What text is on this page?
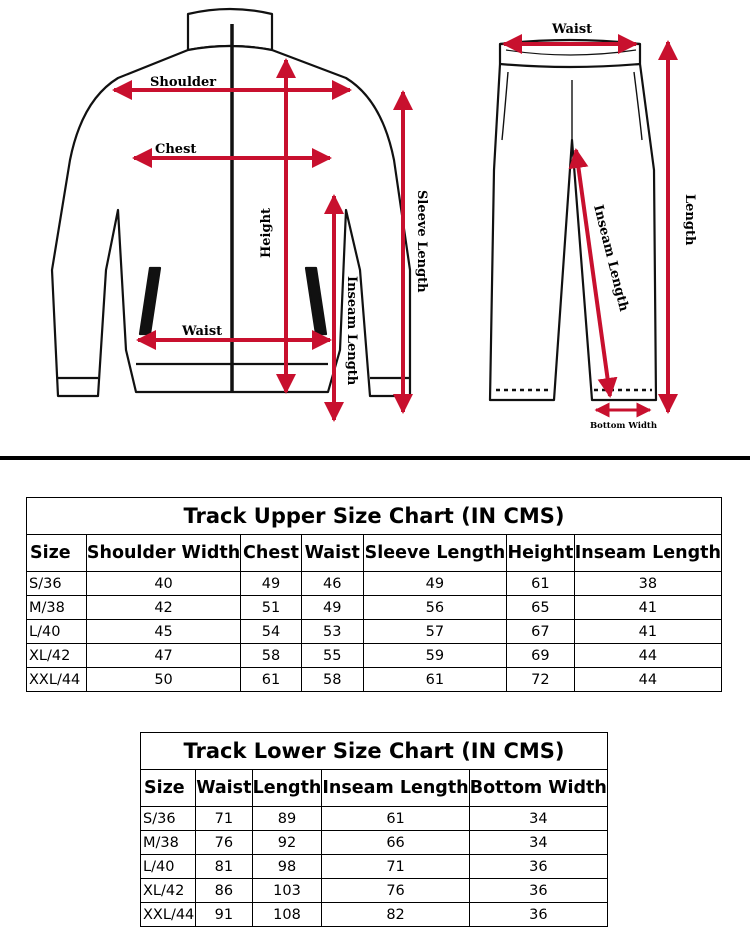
Shoulder
Chest
Waist
Height	Sleeve Length
Inseam Length
Waist
Length
Inseam Length
Bottom Width
Track Upper Size Chart (IN CMS)						
Size	Shoulder Width	Chest	Waist	Sleeve Length	Height	Inseam Length
S/36	40	49	46	49	61	38
M/38	42	51	49	56	65	41
L/40	45	54	53	57	67	41
XL/42	47	58	55	59	69	44
XXL/44	50	61	58	61	72	44
Track Lower Size Chart (IN CMS)				
Size	Waist	Length	Inseam Length	Bottom Width
S/36	71	89	61	34
M/38	76	92	66	34
L/40	81	98	71	36
XL/42	86	103	76	36
XXL/44	91	108	82	36
